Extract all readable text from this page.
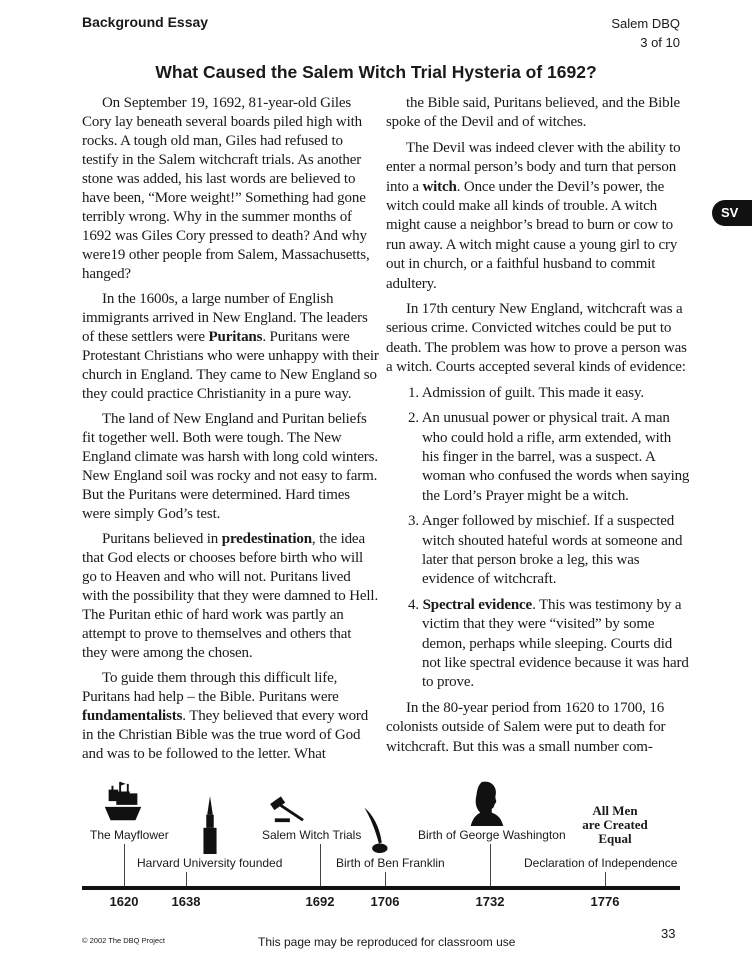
Background Essay	Salem DBQ
3 of 10
What Caused the Salem Witch Trial Hysteria of 1692?

On September 19, 1692, 81-year-old Giles Cory lay beneath several boards piled high with rocks. A tough old man, Giles had refused to testify in the Salem witchcraft trials. As another stone was added, his last words are believed to have been, “More weight!” Something had gone terribly wrong. Why in the summer months of 1692 was Giles Cory pressed to death? And why were19 other people from Salem, Massachusetts, hanged?

In the 1600s, a large number of English immigrants arrived in New England. The leaders of these settlers were Puritans. Puritans were Protestant Christians who were unhappy with their church in England. They came to New England so they could practice Christianity in a pure way.

The land of New England and Puritan beliefs fit together well. Both were tough. The New England climate was harsh with long cold winters. New England soil was rocky and not easy to farm. But the Puritans were determined. Hard times were simply God’s test.

Puritans believed in predestination, the idea that God elects or chooses before birth who will go to Heaven and who will not. Puritans lived with the possibility that they were damned to Hell. The Puritan ethic of hard work was partly an attempt to prove to themselves and others that they were among the chosen.

To guide them through this difficult life, Puritans had help – the Bible. Puritans were fundamentalists. They believed that every word in the Christian Bible was the true word of God and was to be followed to the letter. What

the Bible said, Puritans believed, and the Bible spoke of the Devil and of witches.

The Devil was indeed clever with the ability to enter a normal person’s body and turn that person into a witch. Once under the Devil’s power, the witch could make all kinds of trouble. A witch might cause a neighbor’s bread to burn or cow to run away. A witch might cause a young girl to cry out in church, or a faithful husband to commit adultery.

In 17th century New England, witchcraft was a serious crime. Convicted witches could be put to death. The problem was how to prove a person was a witch. Courts accepted several kinds of evidence:

1. Admission of guilt. This made it easy.
2. An unusual power or physical trait. A man who could hold a rifle, arm extended, with his finger in the barrel, was a suspect. A woman who confused the words when saying the Lord’s Prayer might be a witch.
3. Anger followed by mischief. If a suspected witch shouted hateful words at someone and later that person broke a leg, this was evidence of witchcraft.
4. Spectral evidence. This was testimony by a victim that they were “visited” by some demon, perhaps while sleeping. Courts did not like spectral evidence because it was hard to prove.

In the 80-year period from 1620 to 1700, 16 colonists outside of Salem were put to death for witchcraft. But this was a small number com-

SV
All Men
are Created
Equal
The Mayflower
1620
Harvard University founded
1638
Salem Witch Trials
1692
Birth of Ben Franklin
1706
Birth of George Washington
1732
Declaration of Independence
1776
© 2002 The DBQ Project	This page may be reproduced for classroom use
33
